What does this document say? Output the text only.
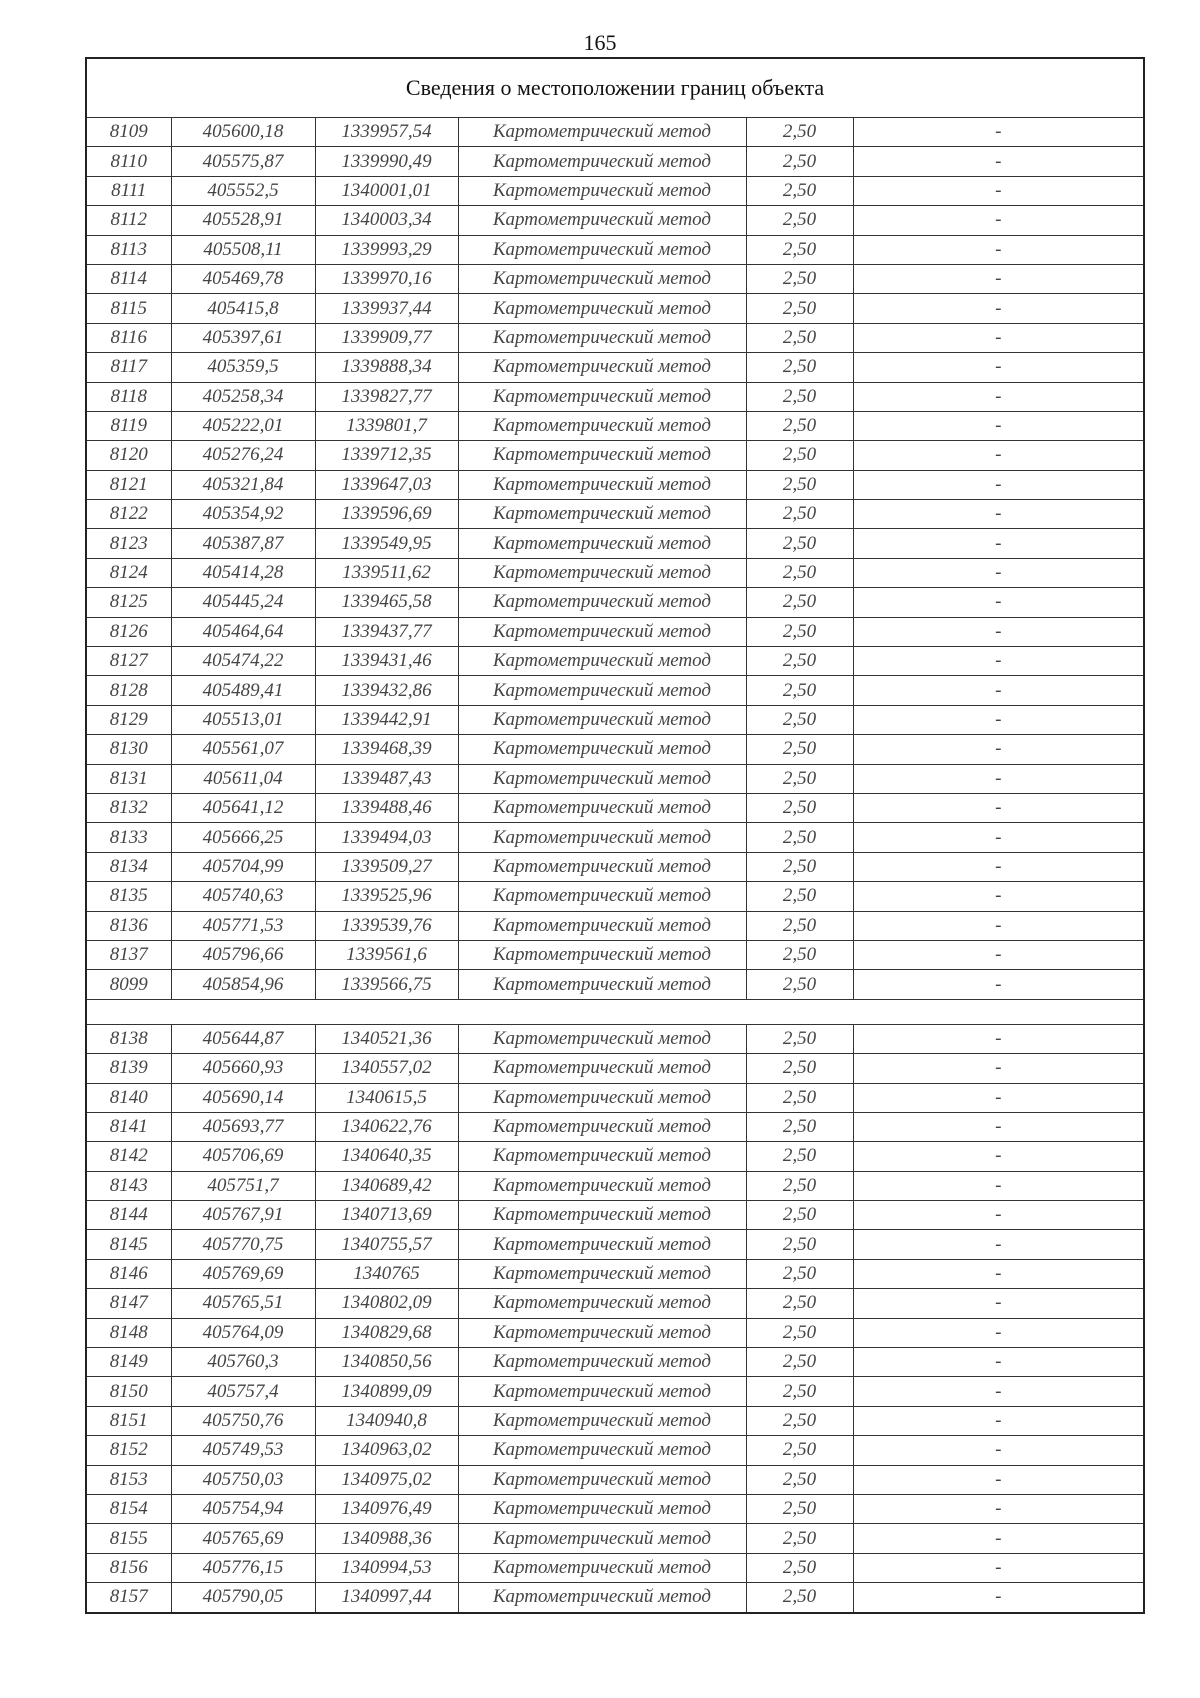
165
Сведения о местоположении границ объекта					
8109	405600,18	1339957,54	Картометрический метод	2,50	-
8110	405575,87	1339990,49	Картометрический метод	2,50	-
8111	405552,5	1340001,01	Картометрический метод	2,50	-
8112	405528,91	1340003,34	Картометрический метод	2,50	-
8113	405508,11	1339993,29	Картометрический метод	2,50	-
8114	405469,78	1339970,16	Картометрический метод	2,50	-
8115	405415,8	1339937,44	Картометрический метод	2,50	-
8116	405397,61	1339909,77	Картометрический метод	2,50	-
8117	405359,5	1339888,34	Картометрический метод	2,50	-
8118	405258,34	1339827,77	Картометрический метод	2,50	-
8119	405222,01	1339801,7	Картометрический метод	2,50	-
8120	405276,24	1339712,35	Картометрический метод	2,50	-
8121	405321,84	1339647,03	Картометрический метод	2,50	-
8122	405354,92	1339596,69	Картометрический метод	2,50	-
8123	405387,87	1339549,95	Картометрический метод	2,50	-
8124	405414,28	1339511,62	Картометрический метод	2,50	-
8125	405445,24	1339465,58	Картометрический метод	2,50	-
8126	405464,64	1339437,77	Картометрический метод	2,50	-
8127	405474,22	1339431,46	Картометрический метод	2,50	-
8128	405489,41	1339432,86	Картометрический метод	2,50	-
8129	405513,01	1339442,91	Картометрический метод	2,50	-
8130	405561,07	1339468,39	Картометрический метод	2,50	-
8131	405611,04	1339487,43	Картометрический метод	2,50	-
8132	405641,12	1339488,46	Картометрический метод	2,50	-
8133	405666,25	1339494,03	Картометрический метод	2,50	-
8134	405704,99	1339509,27	Картометрический метод	2,50	-
8135	405740,63	1339525,96	Картометрический метод	2,50	-
8136	405771,53	1339539,76	Картометрический метод	2,50	-
8137	405796,66	1339561,6	Картометрический метод	2,50	-
8099	405854,96	1339566,75	Картометрический метод	2,50	-

8138	405644,87	1340521,36	Картометрический метод	2,50	-
8139	405660,93	1340557,02	Картометрический метод	2,50	-
8140	405690,14	1340615,5	Картометрический метод	2,50	-
8141	405693,77	1340622,76	Картометрический метод	2,50	-
8142	405706,69	1340640,35	Картометрический метод	2,50	-
8143	405751,7	1340689,42	Картометрический метод	2,50	-
8144	405767,91	1340713,69	Картометрический метод	2,50	-
8145	405770,75	1340755,57	Картометрический метод	2,50	-
8146	405769,69	1340765	Картометрический метод	2,50	-
8147	405765,51	1340802,09	Картометрический метод	2,50	-
8148	405764,09	1340829,68	Картометрический метод	2,50	-
8149	405760,3	1340850,56	Картометрический метод	2,50	-
8150	405757,4	1340899,09	Картометрический метод	2,50	-
8151	405750,76	1340940,8	Картометрический метод	2,50	-
8152	405749,53	1340963,02	Картометрический метод	2,50	-
8153	405750,03	1340975,02	Картометрический метод	2,50	-
8154	405754,94	1340976,49	Картометрический метод	2,50	-
8155	405765,69	1340988,36	Картометрический метод	2,50	-
8156	405776,15	1340994,53	Картометрический метод	2,50	-
8157	405790,05	1340997,44	Картометрический метод	2,50	-
